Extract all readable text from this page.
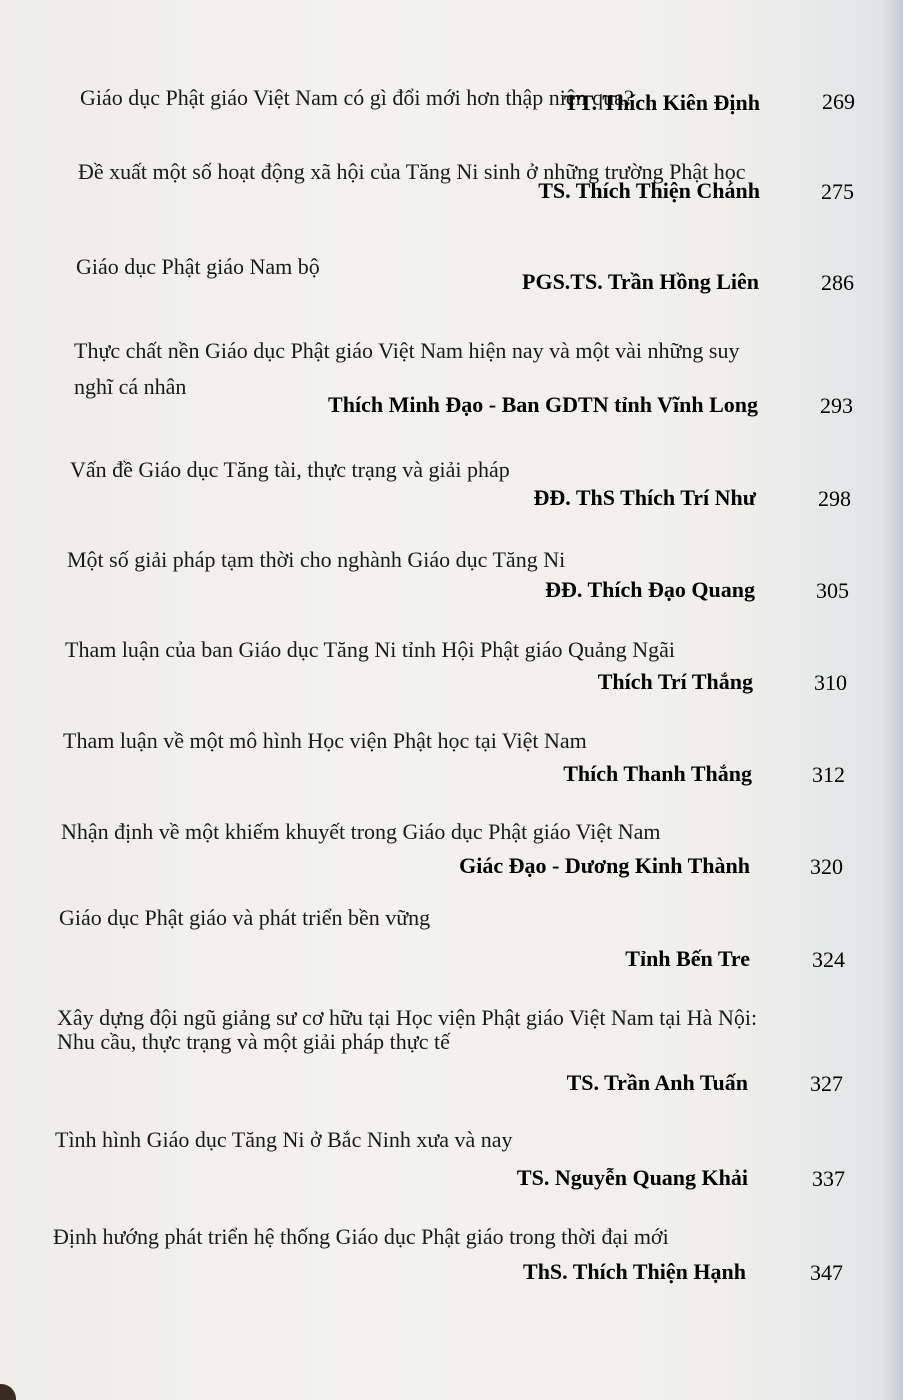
Giáo dục Phật giáo Việt Nam có gì đổi mới hơn thập niên qua?
TT. Thích Kiên Định	269
Đề xuất một số hoạt động xã hội của Tăng Ni sinh ở những trường Phật học
TS. Thích Thiện Chánh	275
Giáo dục Phật giáo Nam bộ
PGS.TS. Trần Hồng Liên	286
Thực chất nền Giáo dục Phật giáo Việt Nam hiện nay và một vài những suy nghĩ cá nhân
Thích Minh Đạo - Ban GDTN tỉnh Vĩnh Long	293
Vấn đề Giáo dục Tăng tài, thực trạng và giải pháp
ĐĐ. ThS Thích Trí Như	298
Một số giải pháp tạm thời cho nghành Giáo dục Tăng Ni
ĐĐ. Thích Đạo Quang	305
Tham luận của ban Giáo dục Tăng Ni tỉnh Hội Phật giáo Quảng Ngãi
Thích Trí Thắng	310
Tham luận về một mô hình Học viện Phật học tại Việt Nam
Thích Thanh Thắng	312
Nhận định về một khiếm khuyết trong Giáo dục Phật giáo Việt Nam
Giác Đạo - Dương Kinh Thành	320
Giáo dục Phật giáo và phát triển bền vững
Tỉnh Bến Tre	324
Xây dựng đội ngũ giảng sư cơ hữu tại Học viện Phật giáo Việt Nam tại Hà Nội: Nhu cầu, thực trạng và một giải pháp thực tế
TS. Trần Anh Tuấn	327
Tình hình Giáo dục Tăng Ni ở Bắc Ninh xưa và nay
TS. Nguyễn Quang Khải	337
Định hướng phát triển hệ thống Giáo dục Phật giáo trong thời đại mới
ThS. Thích Thiện Hạnh	347
